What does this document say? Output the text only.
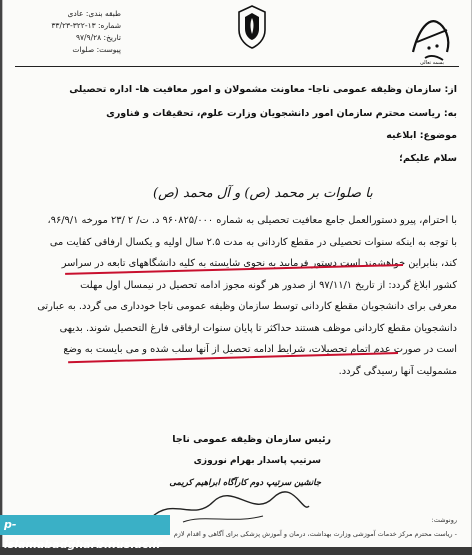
بسمه تعالی
طبقه بندی: عادی
شماره: ۱۳-۳۲۲-۳۳/۲۳
تاریخ: ۹۷/۹/۲۸
پیوست: صلوات
از: سازمان وظیفه عمومی ناجا- معاونت مشمولان و امور معافیت ها- اداره تحصیلی
به: ریاست محترم سازمان امور دانشجویان وزارت علوم، تحقیقات و فناوری
موضوع: ابلاغیه
سلام علیکم؛
با صلوات بر محمد (ص) و آل محمد (ص)
با احترام، پیرو دستورالعمل جامع معافیت تحصیلی به شماره ۹۶۰۸۲۵/۰۰۰ د. ت/ ۲ /۲۳ مورخه ۹۶/۹/۱،
با توجه به اینکه سنوات تحصیلی در مقطع کاردانی به مدت ۲.۵ سال اولیه و یکسال ارفاقی کفایت می
کند، بنابراین خواهشمند است دستور فرمایید به نحوی شایسته به کلیه دانشگاههای تابعه در سراسر
کشور ابلاغ گردد: از تاریخ ۹۷/۱۱/۱ از صدور هر گونه مجوز ادامه تحصیل در نیمسال اول مهلت
معرفی برای دانشجویان مقطع کاردانی توسط سازمان وظیفه عمومی ناجا خودداری می گردد. به عبارتی
دانشجویان مقطع کاردانی موظف هستند حداکثر تا پایان سنوات ارفاقی فارغ التحصیل شوند. بدیهی
است در صورت عدم اتمام تحصیلات، شرایط ادامه تحصیل از آنها سلب شده و می بایست به وضع
مشمولیت آنها رسیدگی گردد.
رئیس سازمان وظیفه عمومی ناجا
سرتیپ پاسدار بهرام نوروزی
جانشین سرتیپ دوم کارآگاه ابراهیم کریمی
رونوشت:
- ریاست محترم مرکز خدمات آموزشی وزارت بهداشت، درمان و آموزش پزشکی برای آگاهی و اقدام لازم
p-islamabadgharb.nus.ac.ir
